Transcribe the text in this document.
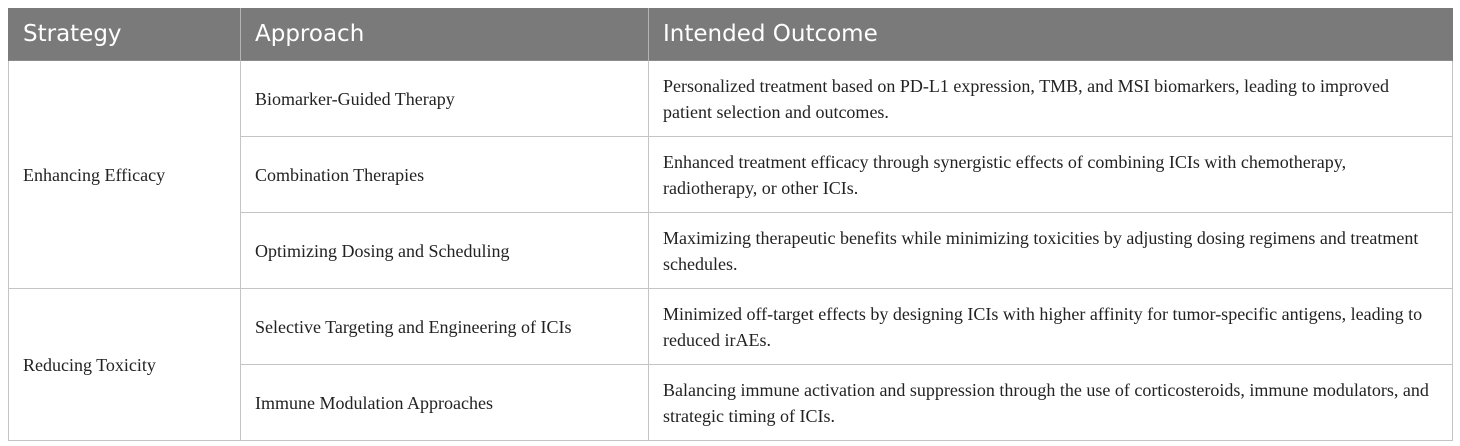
Strategy	Approach	Intended Outcome
Enhancing Efficacy	Biomarker-Guided Therapy	Personalized treatment based on PD-L1 expression, TMB, and MSI biomarkers, leading to improved patient selection and outcomes.
	Combination Therapies	Enhanced treatment efficacy through synergistic effects of combining ICIs with chemotherapy, radiotherapy, or other ICIs.
	Optimizing Dosing and Scheduling	Maximizing therapeutic benefits while minimizing toxicities by adjusting dosing regimens and treatment schedules.
Reducing Toxicity	Selective Targeting and Engineering of ICIs	Minimized off-target effects by designing ICIs with higher affinity for tumor-specific antigens, leading to reduced irAEs.
	Immune Modulation Approaches	Balancing immune activation and suppression through the use of corticosteroids, immune modulators, and strategic timing of ICIs.
